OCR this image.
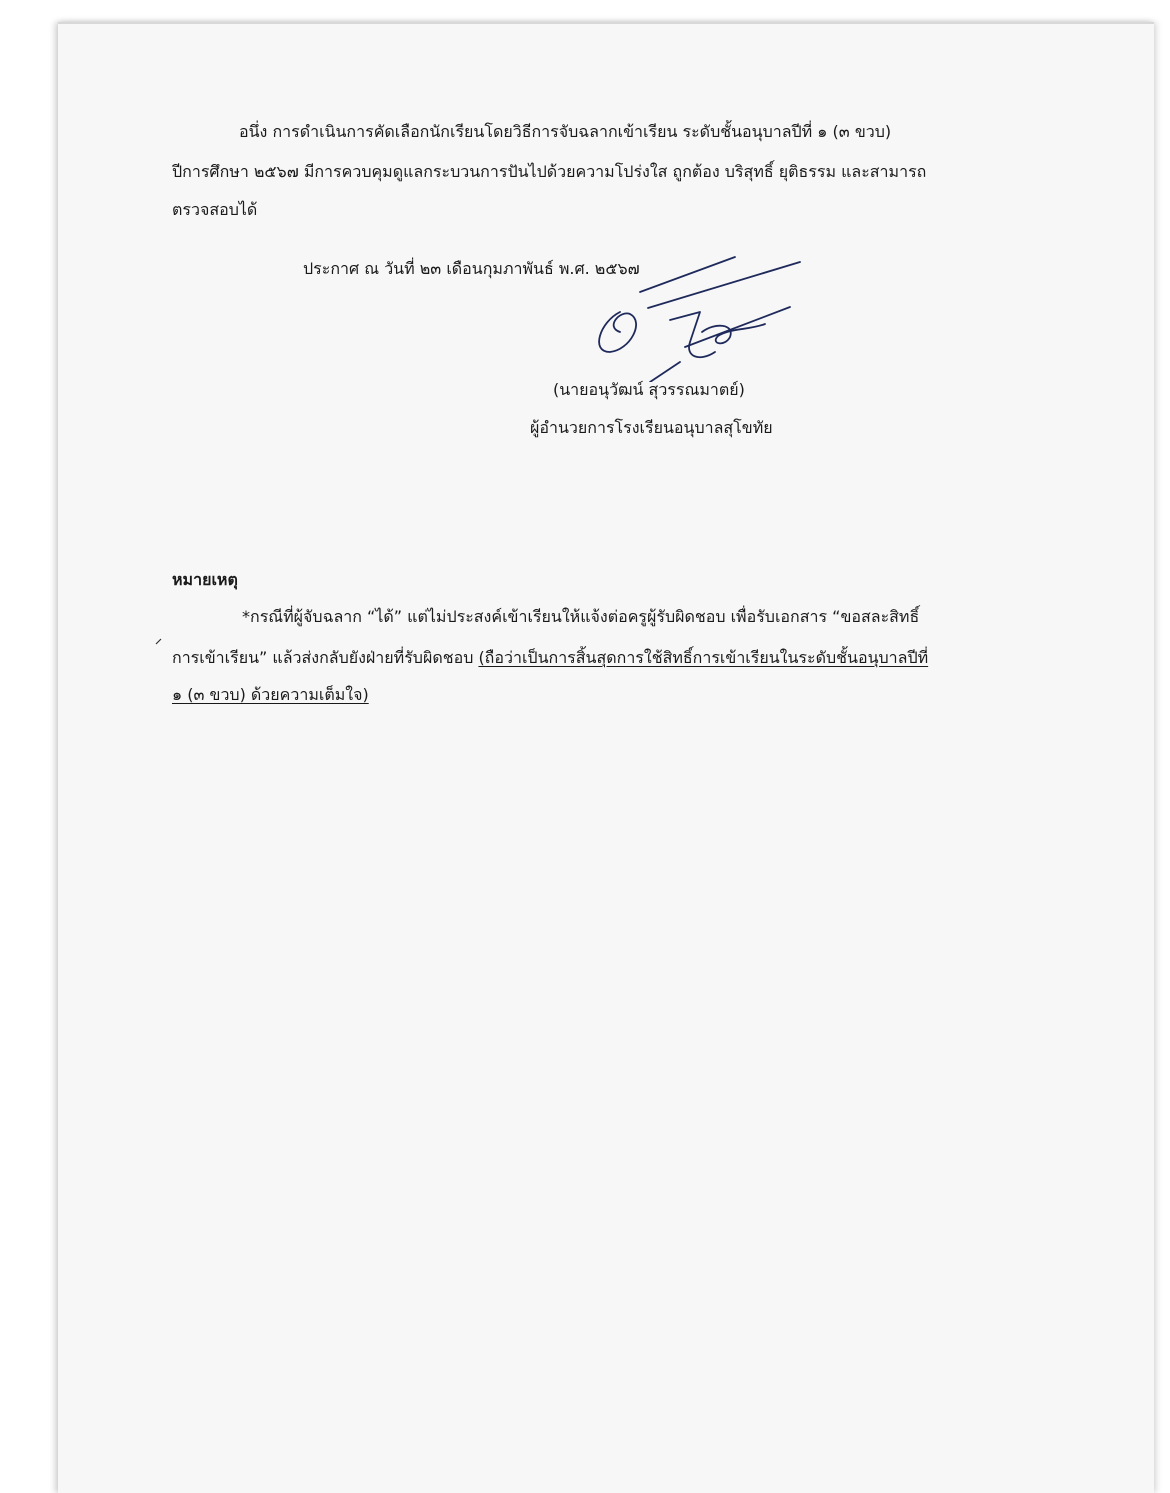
อนึ่ง การดำเนินการคัดเลือกนักเรียนโดยวิธีการจับฉลากเข้าเรียน ระดับชั้นอนุบาลปีที่ ๑ (๓ ขวบ)
ปีการศึกษา ๒๕๖๗ มีการควบคุมดูแลกระบวนการปันไปด้วยความโปร่งใส ถูกต้อง บริสุทธิ์ ยุติธรรม และสามารถ
ตรวจสอบได้
ประกาศ ณ วันที่ ๒๓ เดือนกุมภาพันธ์ พ.ศ. ๒๕๖๗
(นายอนุวัฒน์ สุวรรณมาตย์)
ผู้อำนวยการโรงเรียนอนุบาลสุโขทัย
หมายเหตุ
*กรณีที่ผู้จับฉลาก “ได้” แต่ไม่ประสงค์เข้าเรียนให้แจ้งต่อครูผู้รับผิดชอบ เพื่อรับเอกสาร “ขอสละสิทธิ์
การเข้าเรียน” แล้วส่งกลับยังฝ่ายที่รับผิดชอบ (ถือว่าเป็นการสิ้นสุดการใช้สิทธิ์การเข้าเรียนในระดับชั้นอนุบาลปีที่
๑ (๓ ขวบ) ด้วยความเต็มใจ)
